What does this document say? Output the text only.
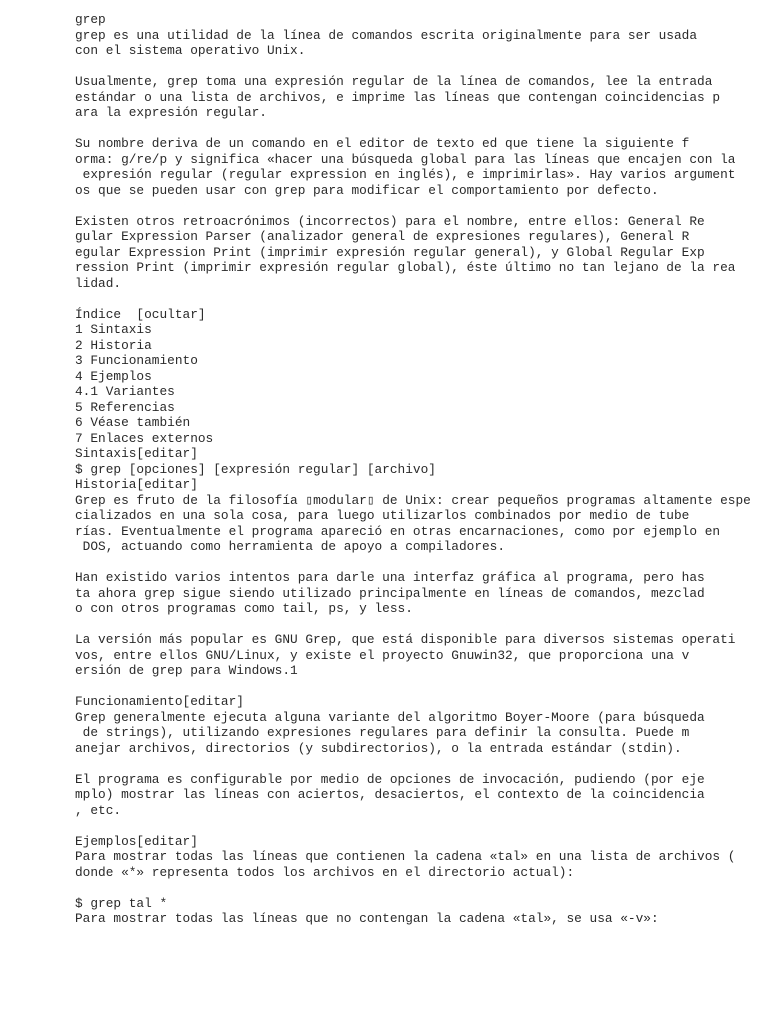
grep
grep es una utilidad de la línea de comandos escrita originalmente para ser usada
con el sistema operativo Unix.
Usualmente, grep toma una expresión regular de la línea de comandos, lee la entrada
estándar o una lista de archivos, e imprime las líneas que contengan coincidencias p
ara la expresión regular.
Su nombre deriva de un comando en el editor de texto ed que tiene la siguiente f
orma: g/re/p y significa «hacer una búsqueda global para las líneas que encajen con la
expresión regular (regular expression en inglés), e imprimirlas». Hay varios argument
os que se pueden usar con grep para modificar el comportamiento por defecto.
Existen otros retroacrónimos (incorrectos) para el nombre, entre ellos: General Re
gular Expression Parser (analizador general de expresiones regulares), General R
egular Expression Print (imprimir expresión regular general), y Global Regular Exp
ression Print (imprimir expresión regular global), éste último no tan lejano de la rea
lidad.
Índice  [ocultar]
1 Sintaxis
2 Historia
3 Funcionamiento
4 Ejemplos
4.1 Variantes
5 Referencias
6 Véase también
7 Enlaces externos
Sintaxis[editar]
$ grep [opciones] [expresión regular] [archivo]
Historia[editar]
Grep es fruto de la filosofía ▯modular▯ de Unix: crear pequeños programas altamente espe
cializados en una sola cosa, para luego utilizarlos combinados por medio de tube
rías. Eventualmente el programa apareció en otras encarnaciones, como por ejemplo en
DOS, actuando como herramienta de apoyo a compiladores.
Han existido varios intentos para darle una interfaz gráfica al programa, pero has
ta ahora grep sigue siendo utilizado principalmente en líneas de comandos, mezclad
o con otros programas como tail, ps, y less.
La versión más popular es GNU Grep, que está disponible para diversos sistemas operati
vos, entre ellos GNU/Linux, y existe el proyecto Gnuwin32, que proporciona una v
ersión de grep para Windows.1
Funcionamiento[editar]
Grep generalmente ejecuta alguna variante del algoritmo Boyer-Moore (para búsqueda
de strings), utilizando expresiones regulares para definir la consulta. Puede m
anejar archivos, directorios (y subdirectorios), o la entrada estándar (stdin).
El programa es configurable por medio de opciones de invocación, pudiendo (por eje
mplo) mostrar las líneas con aciertos, desaciertos, el contexto de la coincidencia
, etc.
Ejemplos[editar]
Para mostrar todas las líneas que contienen la cadena «tal» en una lista de archivos (
donde «*» representa todos los archivos en el directorio actual):
$ grep tal *
Para mostrar todas las líneas que no contengan la cadena «tal», se usa «-v»:
